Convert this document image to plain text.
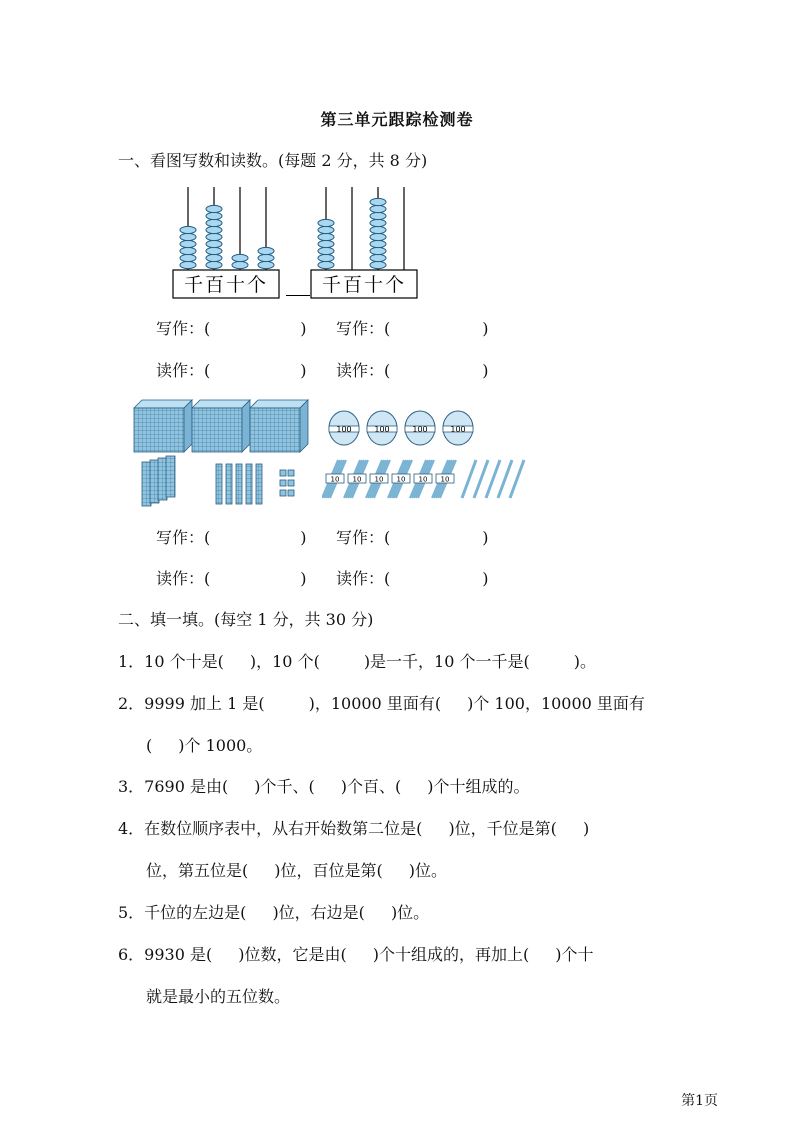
第三单元跟踪检测卷
一、看图写数和读数。(每题 2 分，共 8 分)
千百十个	千百十个
写作：(	) 写作：(	)
读作：(	) 读作：(	)
100	100	100	100
10 10 10 10 10 10
写作：(	) 写作：(	)
读作：(	) 读作：(	)
二、填一填。(每空 1 分，共 30 分)
1．10 个十是( )，10 个(	)是一千，10 个一千是(	)。
2．9999 加上 1 是(	)，10000 里面有( )个 100，10000 里面有
( )个 1000。
3．7690 是由( )个千、( )个百、( )个十组成的。
4．在数位顺序表中，从右开始数第二位是( )位，千位是第( )
位，第五位是( )位，百位是第( )位。
5．千位的左边是( )位，右边是( )位。
6．9930 是( )位数，它是由( )个十组成的，再加上( )个十
就是最小的五位数。
第1页
